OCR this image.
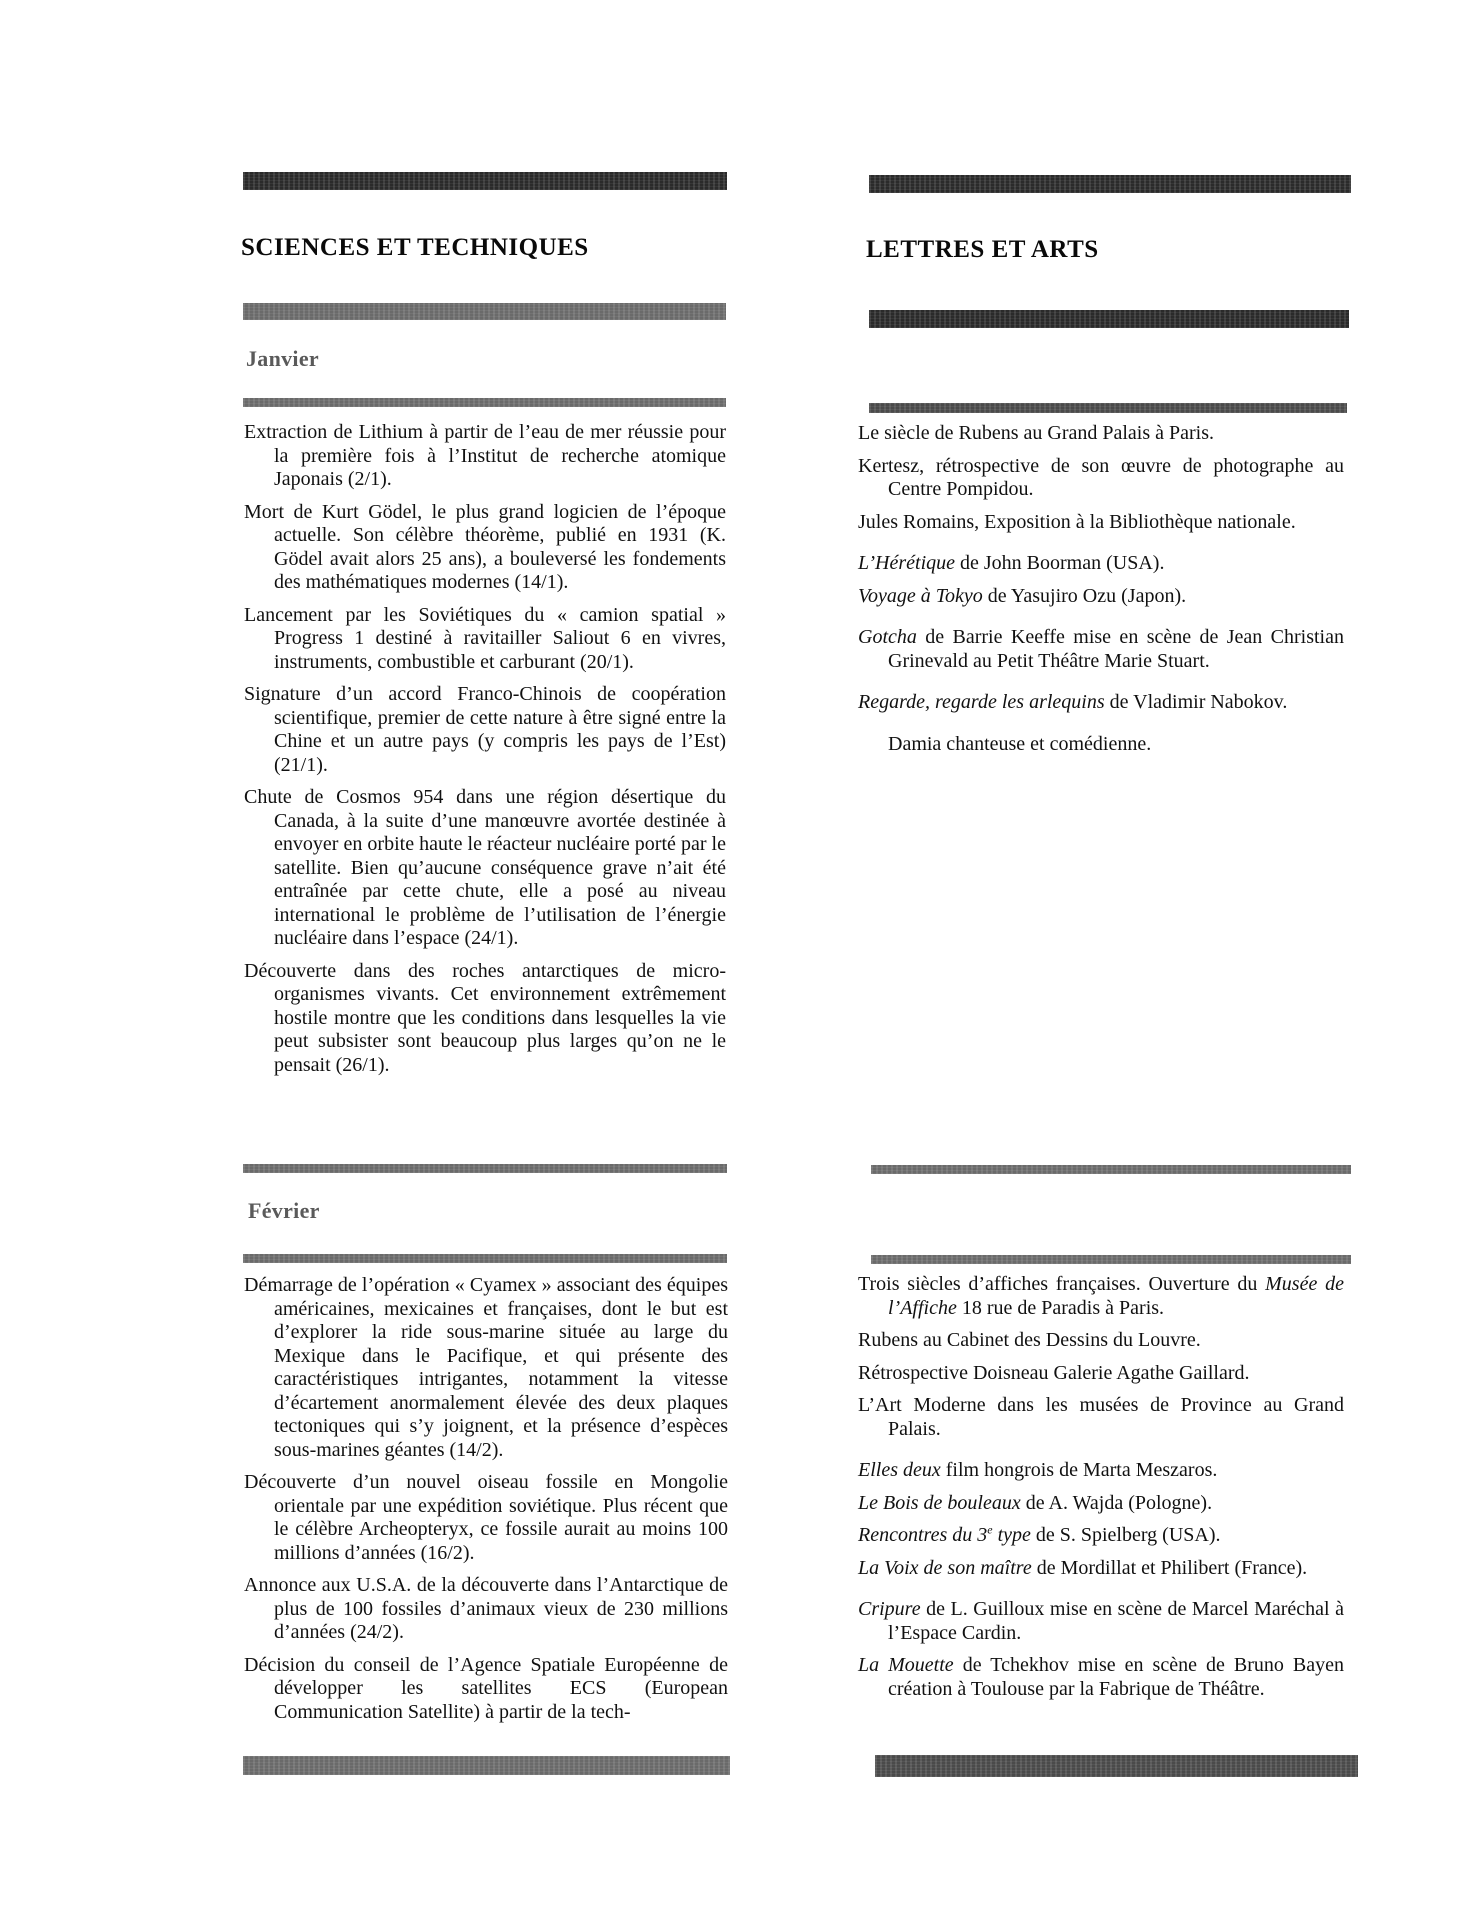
SCIENCES ET TECHNIQUES	LETTRES ET ARTS
Janvier
Février

Extraction de Lithium à partir de l’eau de mer réussie pour la première fois à l’Institut de recherche atomique Japonais (2/1).

Mort de Kurt Gödel, le plus grand logicien de l’époque actuelle. Son célèbre théorème, publié en 1931 (K. Gödel avait alors 25 ans), a bouleversé les fondements des mathématiques modernes (14/1).

Lancement par les Soviétiques du « camion spatial » Progress 1 destiné à ravitailler Saliout 6 en vivres, instruments, combustible et carburant (20/1).

Signature d’un accord Franco-Chinois de coopération scientifique, premier de cette nature à être signé entre la Chine et un autre pays (y compris les pays de l’Est) (21/1).

Chute de Cosmos 954 dans une région désertique du Canada, à la suite d’une manœuvre avortée destinée à envoyer en orbite haute le réacteur nucléaire porté par le satellite. Bien qu’aucune conséquence grave n’ait été entraînée par cette chute, elle a posé au niveau international le problème de l’utilisation de l’énergie nucléaire dans l’espace (24/1).

Découverte dans des roches antarctiques de micro-organismes vivants. Cet environnement extrêmement hostile montre que les conditions dans lesquelles la vie peut subsister sont beaucoup plus larges qu’on ne le pensait (26/1).

Démarrage de l’opération « Cyamex » associant des équipes américaines, mexicaines et françaises, dont le but est d’explorer la ride sous-marine située au large du Mexique dans le Pacifique, et qui présente des caractéristiques intrigantes, notamment la vitesse d’écartement anormalement élevée des deux plaques tectoniques qui s’y joignent, et la présence d’espèces sous-marines géantes (14/2).

Découverte d’un nouvel oiseau fossile en Mongolie orientale par une expédition soviétique. Plus récent que le célèbre Archeopteryx, ce fossile aurait au moins 100 millions d’années (16/2).

Annonce aux U.S.A. de la découverte dans l’Antarctique de plus de 100 fossiles d’animaux vieux de 230 millions d’années (24/2).

Décision du conseil de l’Agence Spatiale Européenne de développer les satellites ECS (European Communication Satellite) à partir de la tech-

Le siècle de Rubens au Grand Palais à Paris.

Kertesz, rétrospective de son œuvre de photographe au Centre Pompidou.

Jules Romains, Exposition à la Bibliothèque nationale.

L’Hérétique de John Boorman (USA).

Voyage à Tokyo de Yasujiro Ozu (Japon).

Gotcha de Barrie Keeffe mise en scène de Jean Christian Grinevald au Petit Théâtre Marie Stuart.

Regarde, regarde les arlequins de Vladimir Nabokov.

Damia chanteuse et comédienne.

Trois siècles d’affiches françaises. Ouverture du Musée de l’Affiche 18 rue de Paradis à Paris.

Rubens au Cabinet des Dessins du Louvre.

Rétrospective Doisneau Galerie Agathe Gaillard.

L’Art Moderne dans les musées de Province au Grand Palais.

Elles deux film hongrois de Marta Meszaros.

Le Bois de bouleaux de A. Wajda (Pologne).

Rencontres du 3e type de S. Spielberg (USA).

La Voix de son maître de Mordillat et Philibert (France).

Cripure de L. Guilloux mise en scène de Marcel Maréchal à l’Espace Cardin.

La Mouette de Tchekhov mise en scène de Bruno Bayen création à Toulouse par la Fabrique de Théâtre.
